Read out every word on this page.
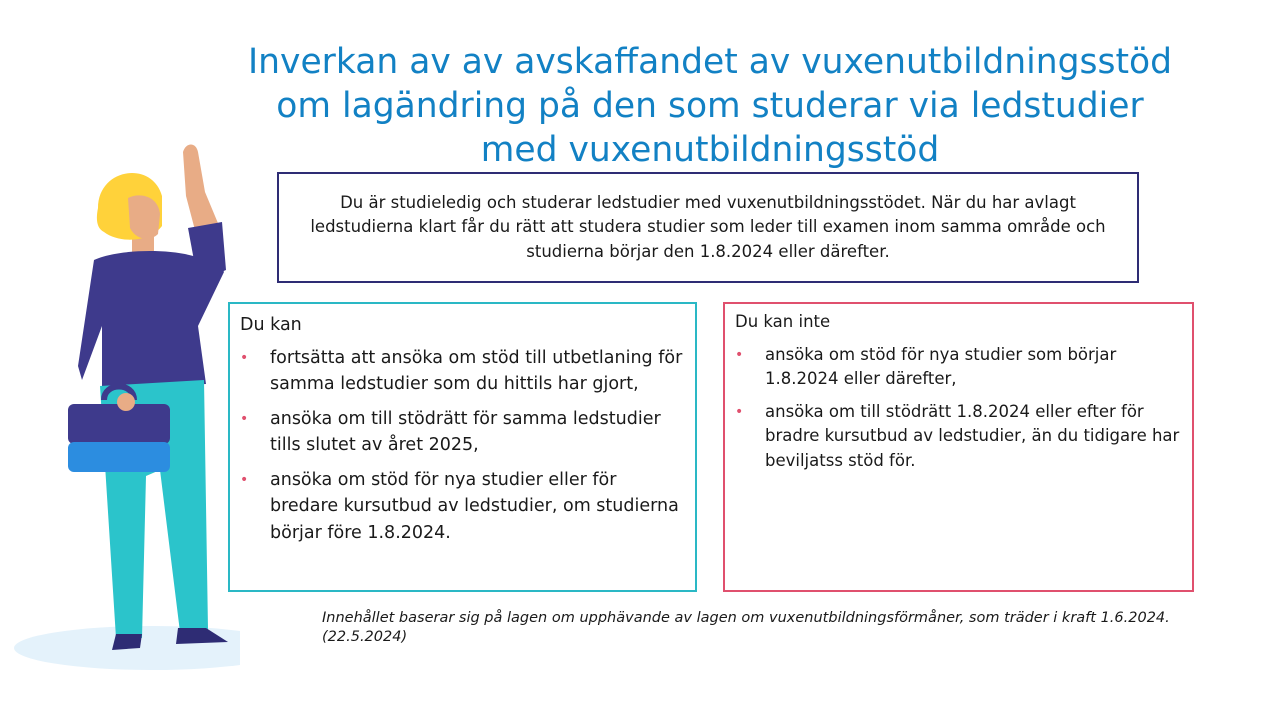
Inverkan av av avskaffandet av vuxenutbildningsstöd
om lagändring på den som studerar via ledstudier
med vuxenutbildningsstöd

Du är studieledig och studerar ledstudier med vuxenutbildningsstödet. När du har avlagt ledstudierna klart får du rätt att studera studier som leder till examen inom samma område och studierna börjar den 1.8.2024 eller därefter.

Du kan
• fortsätta att ansöka om stöd till utbetlaning för samma ledstudier som du hittils har gjort,
• ansöka om till stödrätt för samma ledstudier tills slutet av året 2025,
• ansöka om stöd för nya studier eller för bredare kursutbud av ledstudier, om studierna börjar före 1.8.2024.
Du kan inte
• ansöka om stöd för nya studier som börjar 1.8.2024 eller därefter,
• ansöka om till stödrätt 1.8.2024 eller efter för bradre kursutbud av ledstudier, än du tidigare har beviljatss stöd för.
Innehållet baserar sig på lagen om upphävande av lagen om vuxenutbildningsförmåner, som träder i kraft 1.6.2024. (22.5.2024)
